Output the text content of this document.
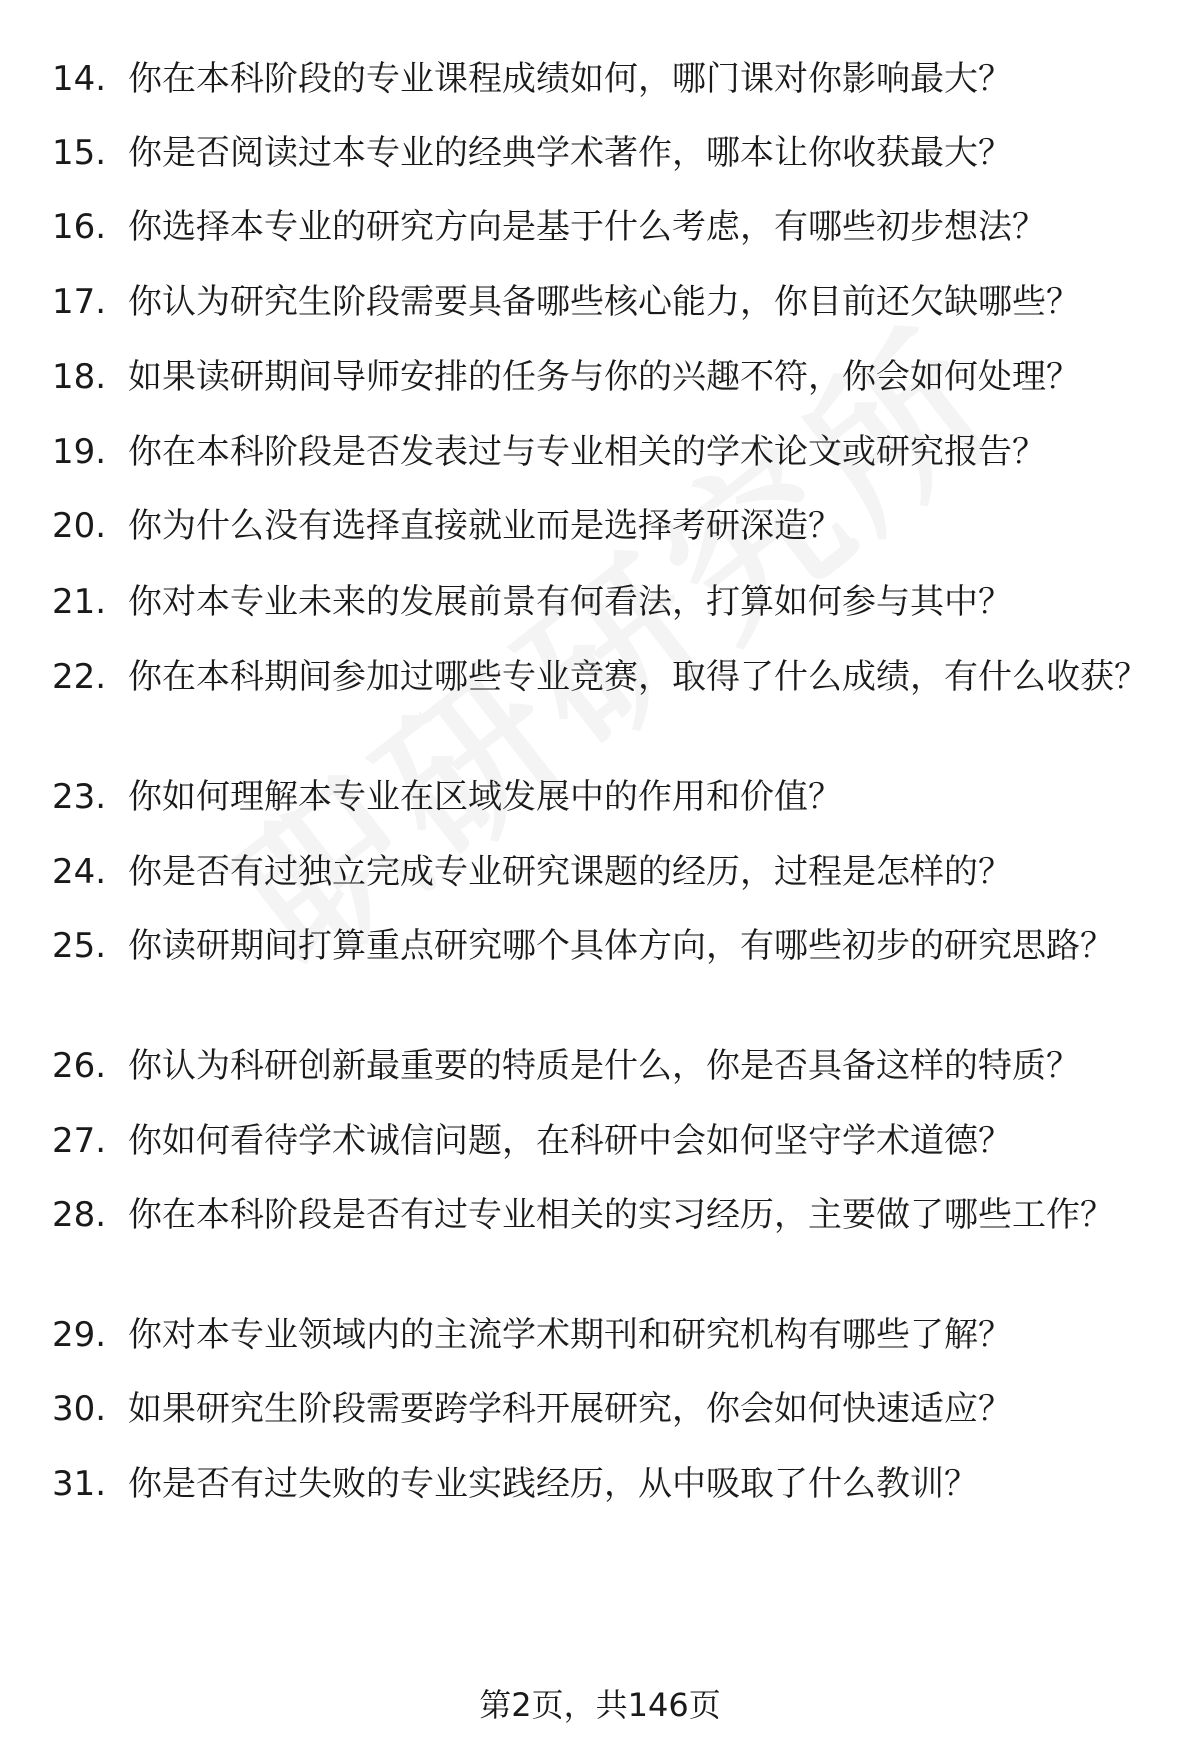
14. 你在本科阶段的专业课程成绩如何，哪门课对你影响最大？
15. 你是否阅读过本专业的经典学术著作，哪本让你收获最大？
16. 你选择本专业的研究方向是基于什么考虑，有哪些初步想法？
17. 你认为研究生阶段需要具备哪些核心能力，你目前还欠缺哪些？
18. 如果读研期间导师安排的任务与你的兴趣不符，你会如何处理？
19. 你在本科阶段是否发表过与专业相关的学术论文或研究报告？
20. 你为什么没有选择直接就业而是选择考研深造？
21. 你对本专业未来的发展前景有何看法，打算如何参与其中？
22. 你在本科期间参加过哪些专业竞赛，取得了什么成绩，有什么收获？
23. 你如何理解本专业在区域发展中的作用和价值？
24. 你是否有过独立完成专业研究课题的经历，过程是怎样的？
25. 你读研期间打算重点研究哪个具体方向，有哪些初步的研究思路？
26. 你认为科研创新最重要的特质是什么，你是否具备这样的特质？
27. 你如何看待学术诚信问题，在科研中会如何坚守学术道德？
28. 你在本科阶段是否有过专业相关的实习经历，主要做了哪些工作？
29. 你对本专业领域内的主流学术期刊和研究机构有哪些了解？
30. 如果研究生阶段需要跨学科开展研究，你会如何快速适应？
31. 你是否有过失败的专业实践经历，从中吸取了什么教训？
第2页，共146页
